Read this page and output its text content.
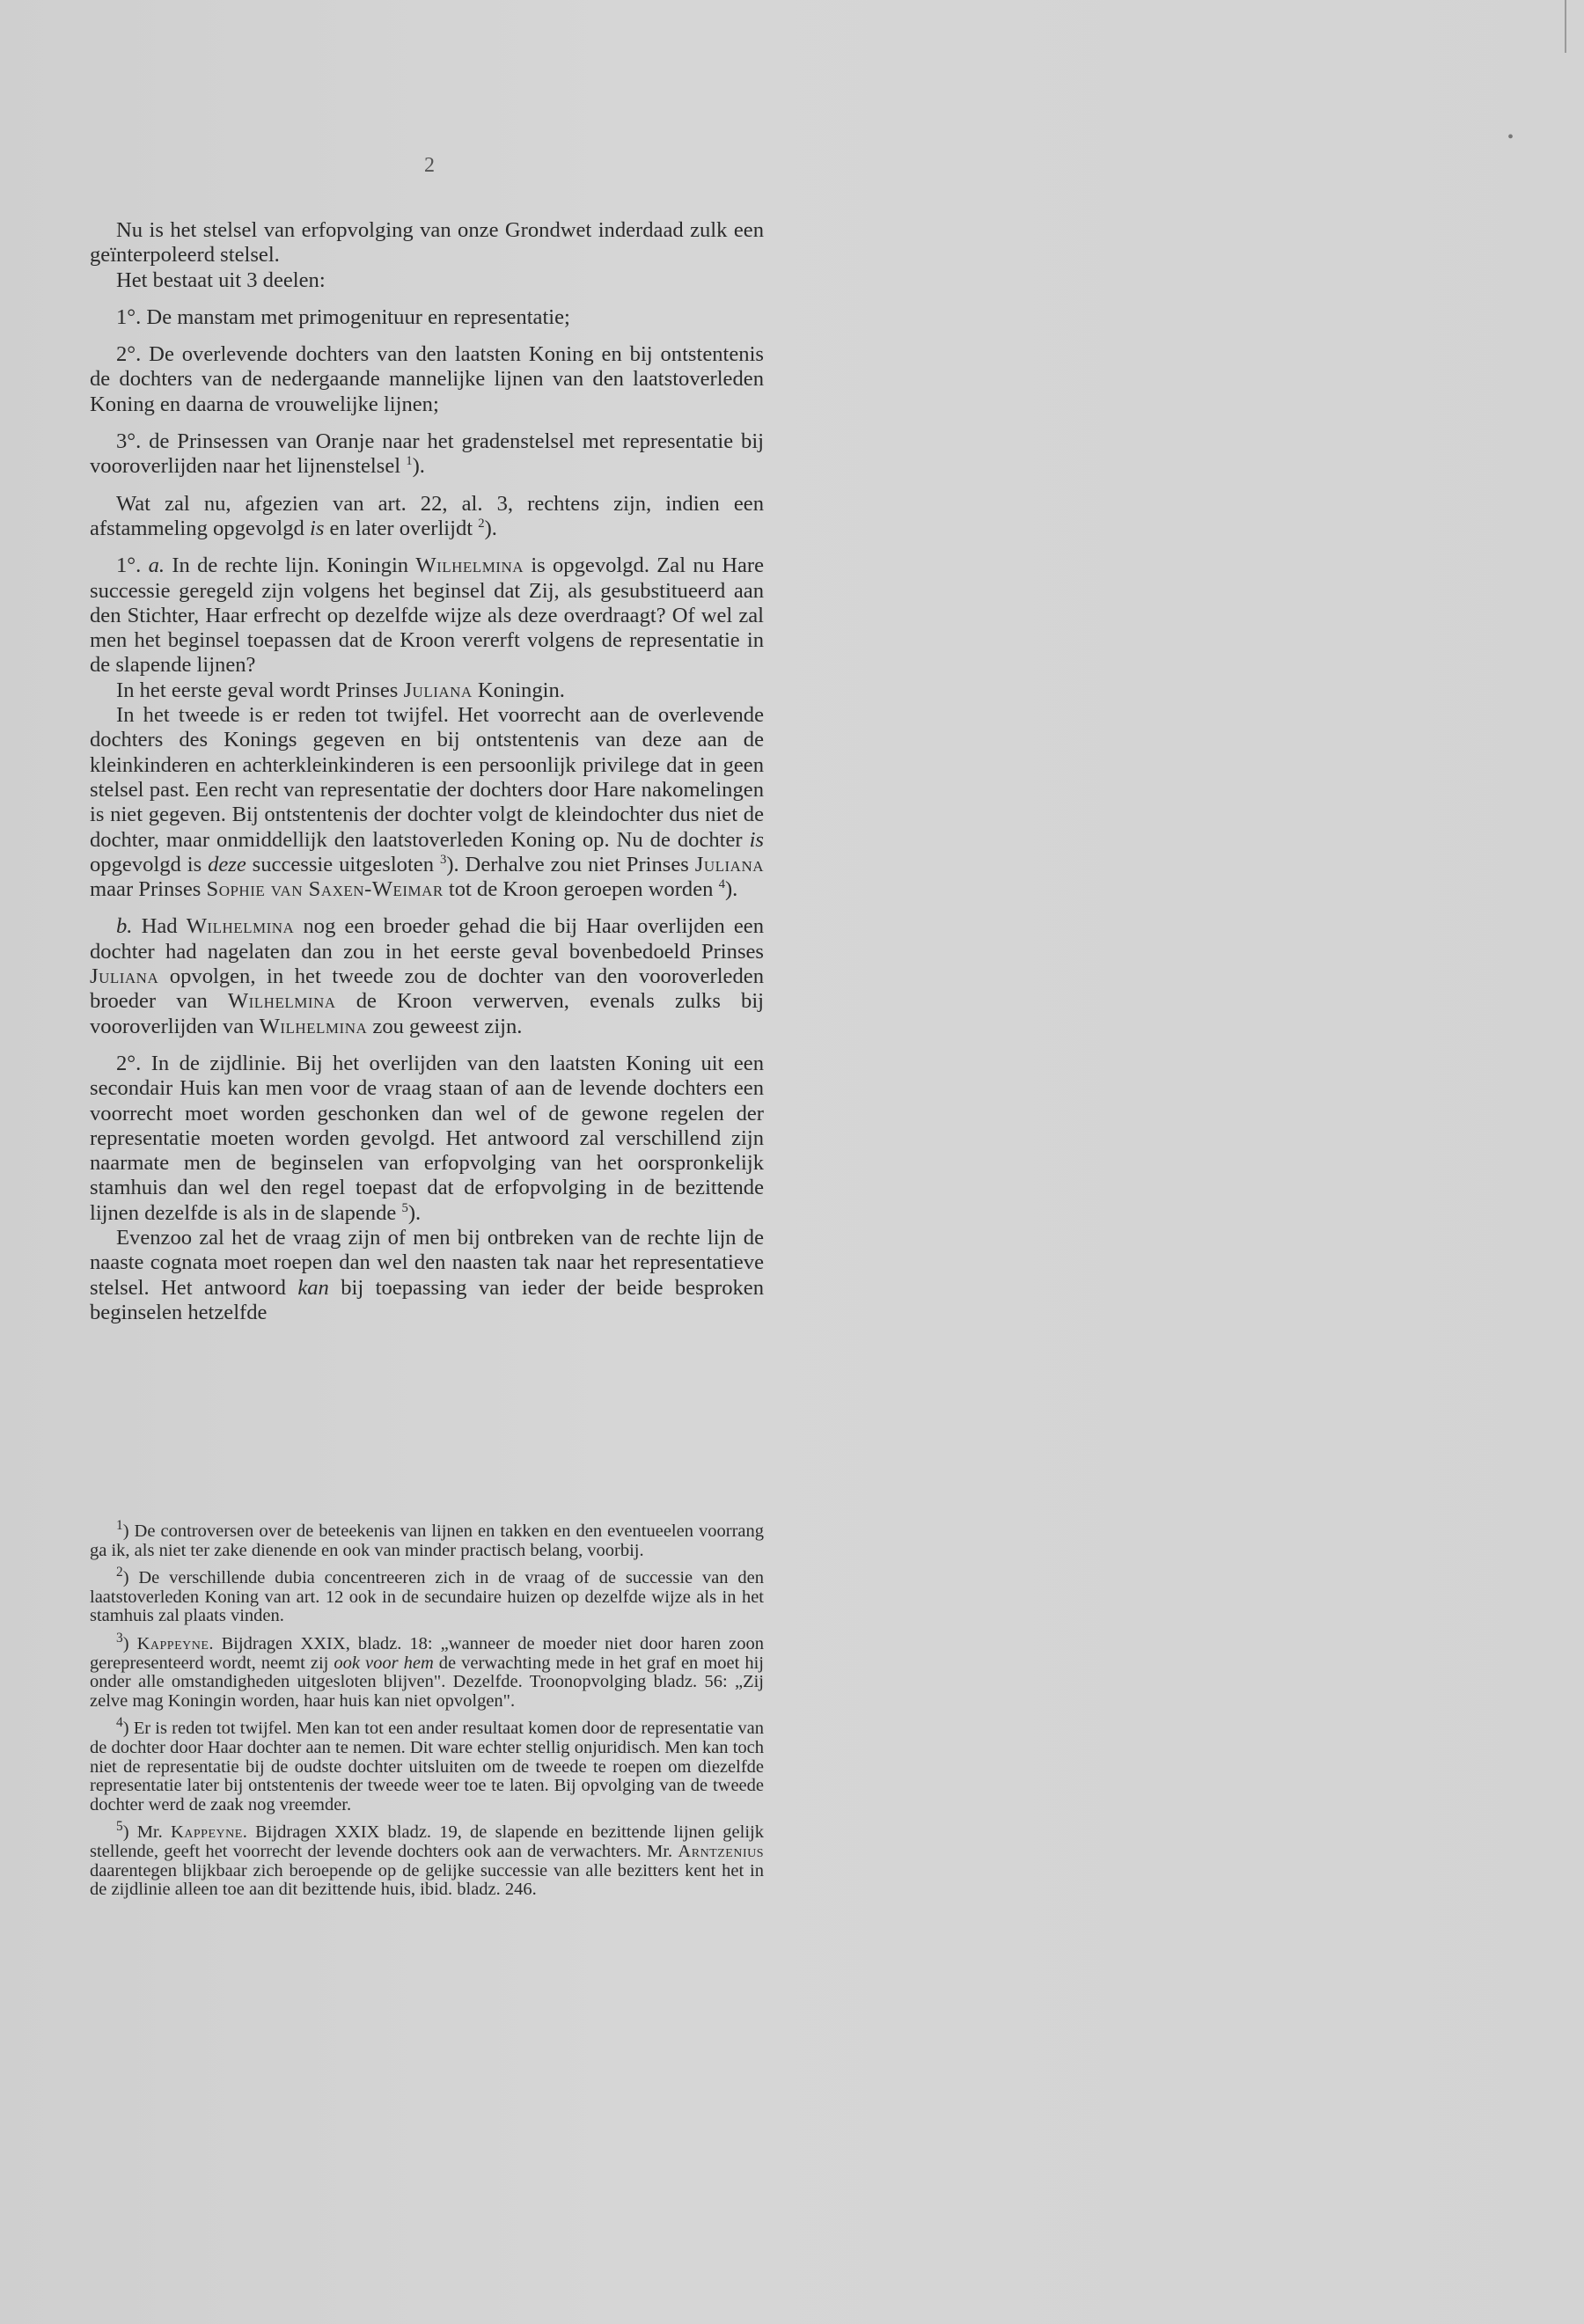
•
2

Nu is het stelsel van erfopvolging van onze Grondwet inderdaad zulk een geïnterpoleerd stelsel.

Het bestaat uit 3 deelen:

1°. De manstam met primogenituur en representatie;

2°. De overlevende dochters van den laatsten Koning en bij ontstentenis de dochters van de nedergaande mannelijke lijnen van den laatstoverleden Koning en daarna de vrouwelijke lijnen;

3°. de Prinsessen van Oranje naar het gradenstelsel met representatie bij vooroverlijden naar het lijnenstelsel $^1$).

Wat zal nu, afgezien van art. 22, al. 3, rechtens zijn, indien een afstammeling opgevolgd is en later overlijdt $^2$).

1°. a. In de rechte lijn. Koningin Wilhelmina is opgevolgd. Zal nu Hare successie geregeld zijn volgens het beginsel dat Zij, als gesubstitueerd aan den Stichter, Haar erfrecht op dezelfde wijze als deze overdraagt? Of wel zal men het beginsel toepassen dat de Kroon vererft volgens de representatie in de slapende lijnen?

In het eerste geval wordt Prinses Juliana Koningin.

In het tweede is er reden tot twijfel. Het voorrecht aan de overlevende dochters des Konings gegeven en bij ontstentenis van deze aan de kleinkinderen en achterkleinkinderen is een persoonlijk privilege dat in geen stelsel past. Een recht van representatie der dochters door Hare nakomelingen is niet gegeven. Bij ontstentenis der dochter volgt de kleindochter dus niet de dochter, maar onmiddellijk den laatstoverleden Koning op. Nu de dochter is opgevolgd is deze successie uitgesloten $^3$). Derhalve zou niet Prinses Juliana maar Prinses Sophie van Saxen-Weimar tot de Kroon geroepen worden $^4$).

b. Had Wilhelmina nog een broeder gehad die bij Haar overlijden een dochter had nagelaten dan zou in het eerste geval bovenbedoeld Prinses Juliana opvolgen, in het tweede zou de dochter van den vooroverleden broeder van Wilhelmina de Kroon verwerven, evenals zulks bij vooroverlijden van Wilhelmina zou geweest zijn.

2°. In de zijdlinie. Bij het overlijden van den laatsten Koning uit een secondair Huis kan men voor de vraag staan of aan de levende dochters een voorrecht moet worden geschonken dan wel of de gewone regelen der representatie moeten worden gevolgd. Het antwoord zal verschillend zijn naarmate men de beginselen van erfopvolging van het oorspronkelijk stamhuis dan wel den regel toepast dat de erfopvolging in de bezittende lijnen dezelfde is als in de slapende $^5$).

Evenzoo zal het de vraag zijn of men bij ontbreken van de rechte lijn de naaste cognata moet roepen dan wel den naasten tak naar het representatieve stelsel. Het antwoord kan bij toepassing van ieder der beide besproken beginselen hetzelfde

$^1$) De controversen over de beteekenis van lijnen en takken en den eventueelen voorrang ga ik, als niet ter zake dienende en ook van minder practisch belang, voorbij.

$^2$) De verschillende dubia concentreeren zich in de vraag of de successie van den laatstoverleden Koning van art. 12 ook in de secundaire huizen op dezelfde wijze als in het stamhuis zal plaats vinden.

$^3$) Kappeyne. Bijdragen XXIX, bladz. 18: „wanneer de moeder niet door haren zoon gerepresenteerd wordt, neemt zij ook voor hem de verwachting mede in het graf en moet hij onder alle omstandigheden uitgesloten blijven". Dezelfde. Troonopvolging bladz. 56: „Zij zelve mag Koningin worden, haar huis kan niet opvolgen".

$^4$) Er is reden tot twijfel. Men kan tot een ander resultaat komen door de representatie van de dochter door Haar dochter aan te nemen. Dit ware echter stellig onjuridisch. Men kan toch niet de representatie bij de oudste dochter uitsluiten om de tweede te roepen om diezelfde representatie later bij ontstentenis der tweede weer toe te laten. Bij opvolging van de tweede dochter werd de zaak nog vreemder.

$^5$) Mr. Kappeyne. Bijdragen XXIX bladz. 19, de slapende en bezittende lijnen gelijk stellende, geeft het voorrecht der levende dochters ook aan de verwachters. Mr. Arntzenius daarentegen blijkbaar zich beroepende op de gelijke successie van alle bezitters kent het in de zijdlinie alleen toe aan dit bezittende huis, ibid. bladz. 246.
